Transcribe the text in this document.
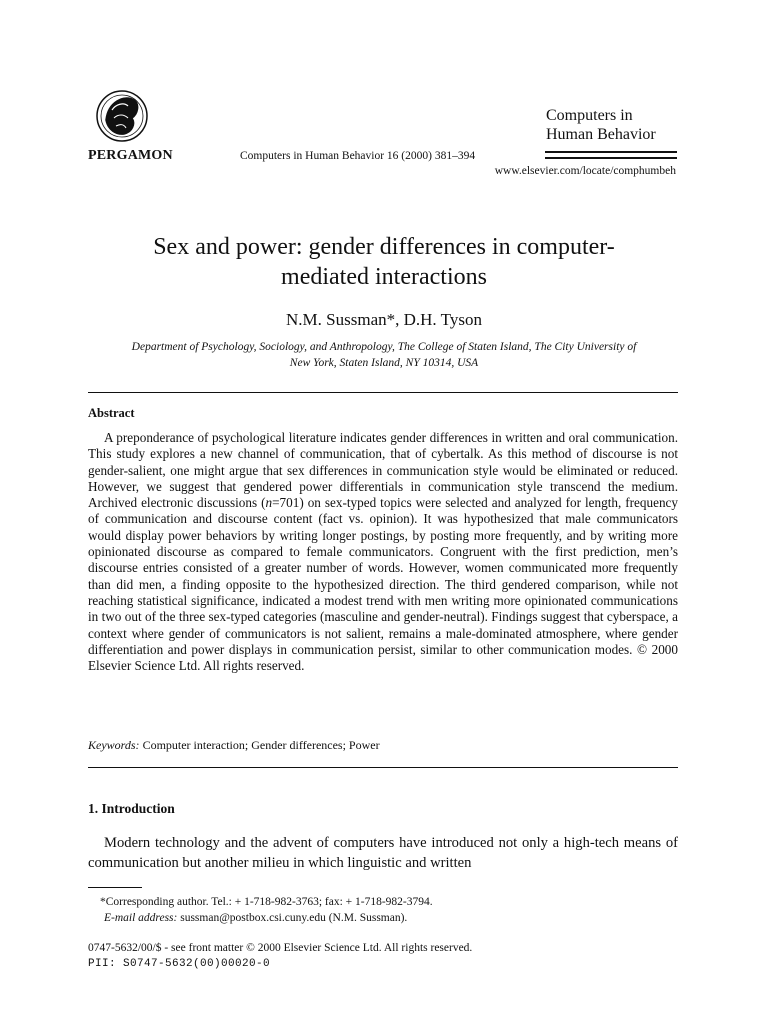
PERGAMON	Computers in Human Behavior 16 (2000) 381–394
Computers in
Human Behavior
www.elsevier.com/locate/comphumbeh
Sex and power: gender differences in computer-
mediated interactions
N.M. Sussman*, D.H. Tyson
Department of Psychology, Sociology, and Anthropology, The College of Staten Island, The City University of
New York, Staten Island, NY 10314, USA
Abstract
A preponderance of psychological literature indicates gender differences in written and oral communication. This study explores a new channel of communication, that of cybertalk. As this method of discourse is not gender-salient, one might argue that sex differences in communication style would be eliminated or reduced. However, we suggest that gendered power differentials in communication style transcend the medium. Archived electronic discussions (n=701) on sex-typed topics were selected and analyzed for length, frequency of communication and discourse content (fact vs. opinion). It was hypothesized that male communicators would display power behaviors by writing longer postings, by posting more frequently, and by writing more opinionated discourse as compared to female communicators. Congruent with the first prediction, men’s discourse entries consisted of a greater number of words. However, women communicated more frequently than did men, a finding opposite to the hypothesized direction. The third gendered comparison, while not reaching statistical significance, indicated a modest trend with men writing more opinionated communications in two out of the three sex-typed categories (masculine and gender-neutral). Findings suggest that cyberspace, a context where gender of communicators is not salient, remains a male-dominated atmosphere, where gender differentiation and power displays in communication persist, similar to other communication modes. © 2000 Elsevier Science Ltd. All rights reserved.
Keywords: Computer interaction; Gender differences; Power
1. Introduction
Modern technology and the advent of computers have introduced not only a high-tech means of communication but another milieu in which linguistic and written
*Corresponding author. Tel.: + 1-718-982-3763; fax: + 1-718-982-3794.
E-mail address: sussman@postbox.csi.cuny.edu (N.M. Sussman).
0747-5632/00/$ - see front matter © 2000 Elsevier Science Ltd. All rights reserved.
PII: S0747-5632(00)00020-0
